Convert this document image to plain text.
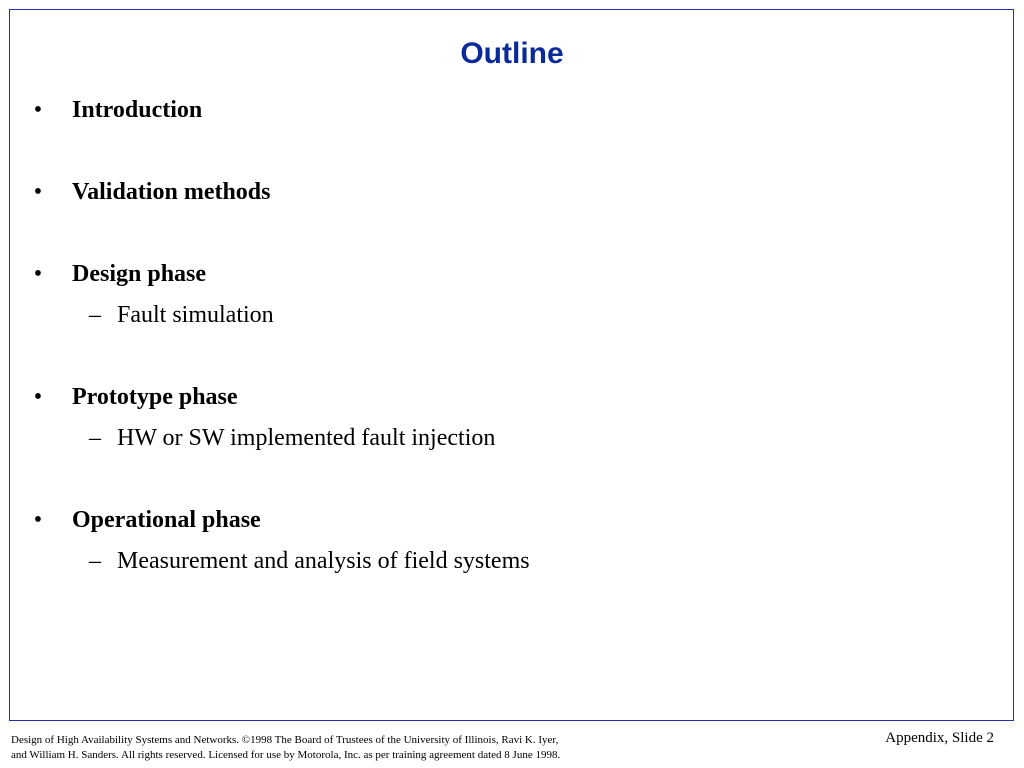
Outline
• Introduction
• Validation methods
• Design phase
– Fault simulation
• Prototype phase
– HW or SW implemented fault injection
• Operational phase
– Measurement and analysis of field systems
Design of High Availability Systems and Networks. ©1998 The Board of Trustees of the University of Illinois, Ravi K. Iyer,
and William H. Sanders. All rights reserved. Licensed for use by Motorola, Inc. as per training agreement dated 8 June 1998.
Appendix, Slide 2
